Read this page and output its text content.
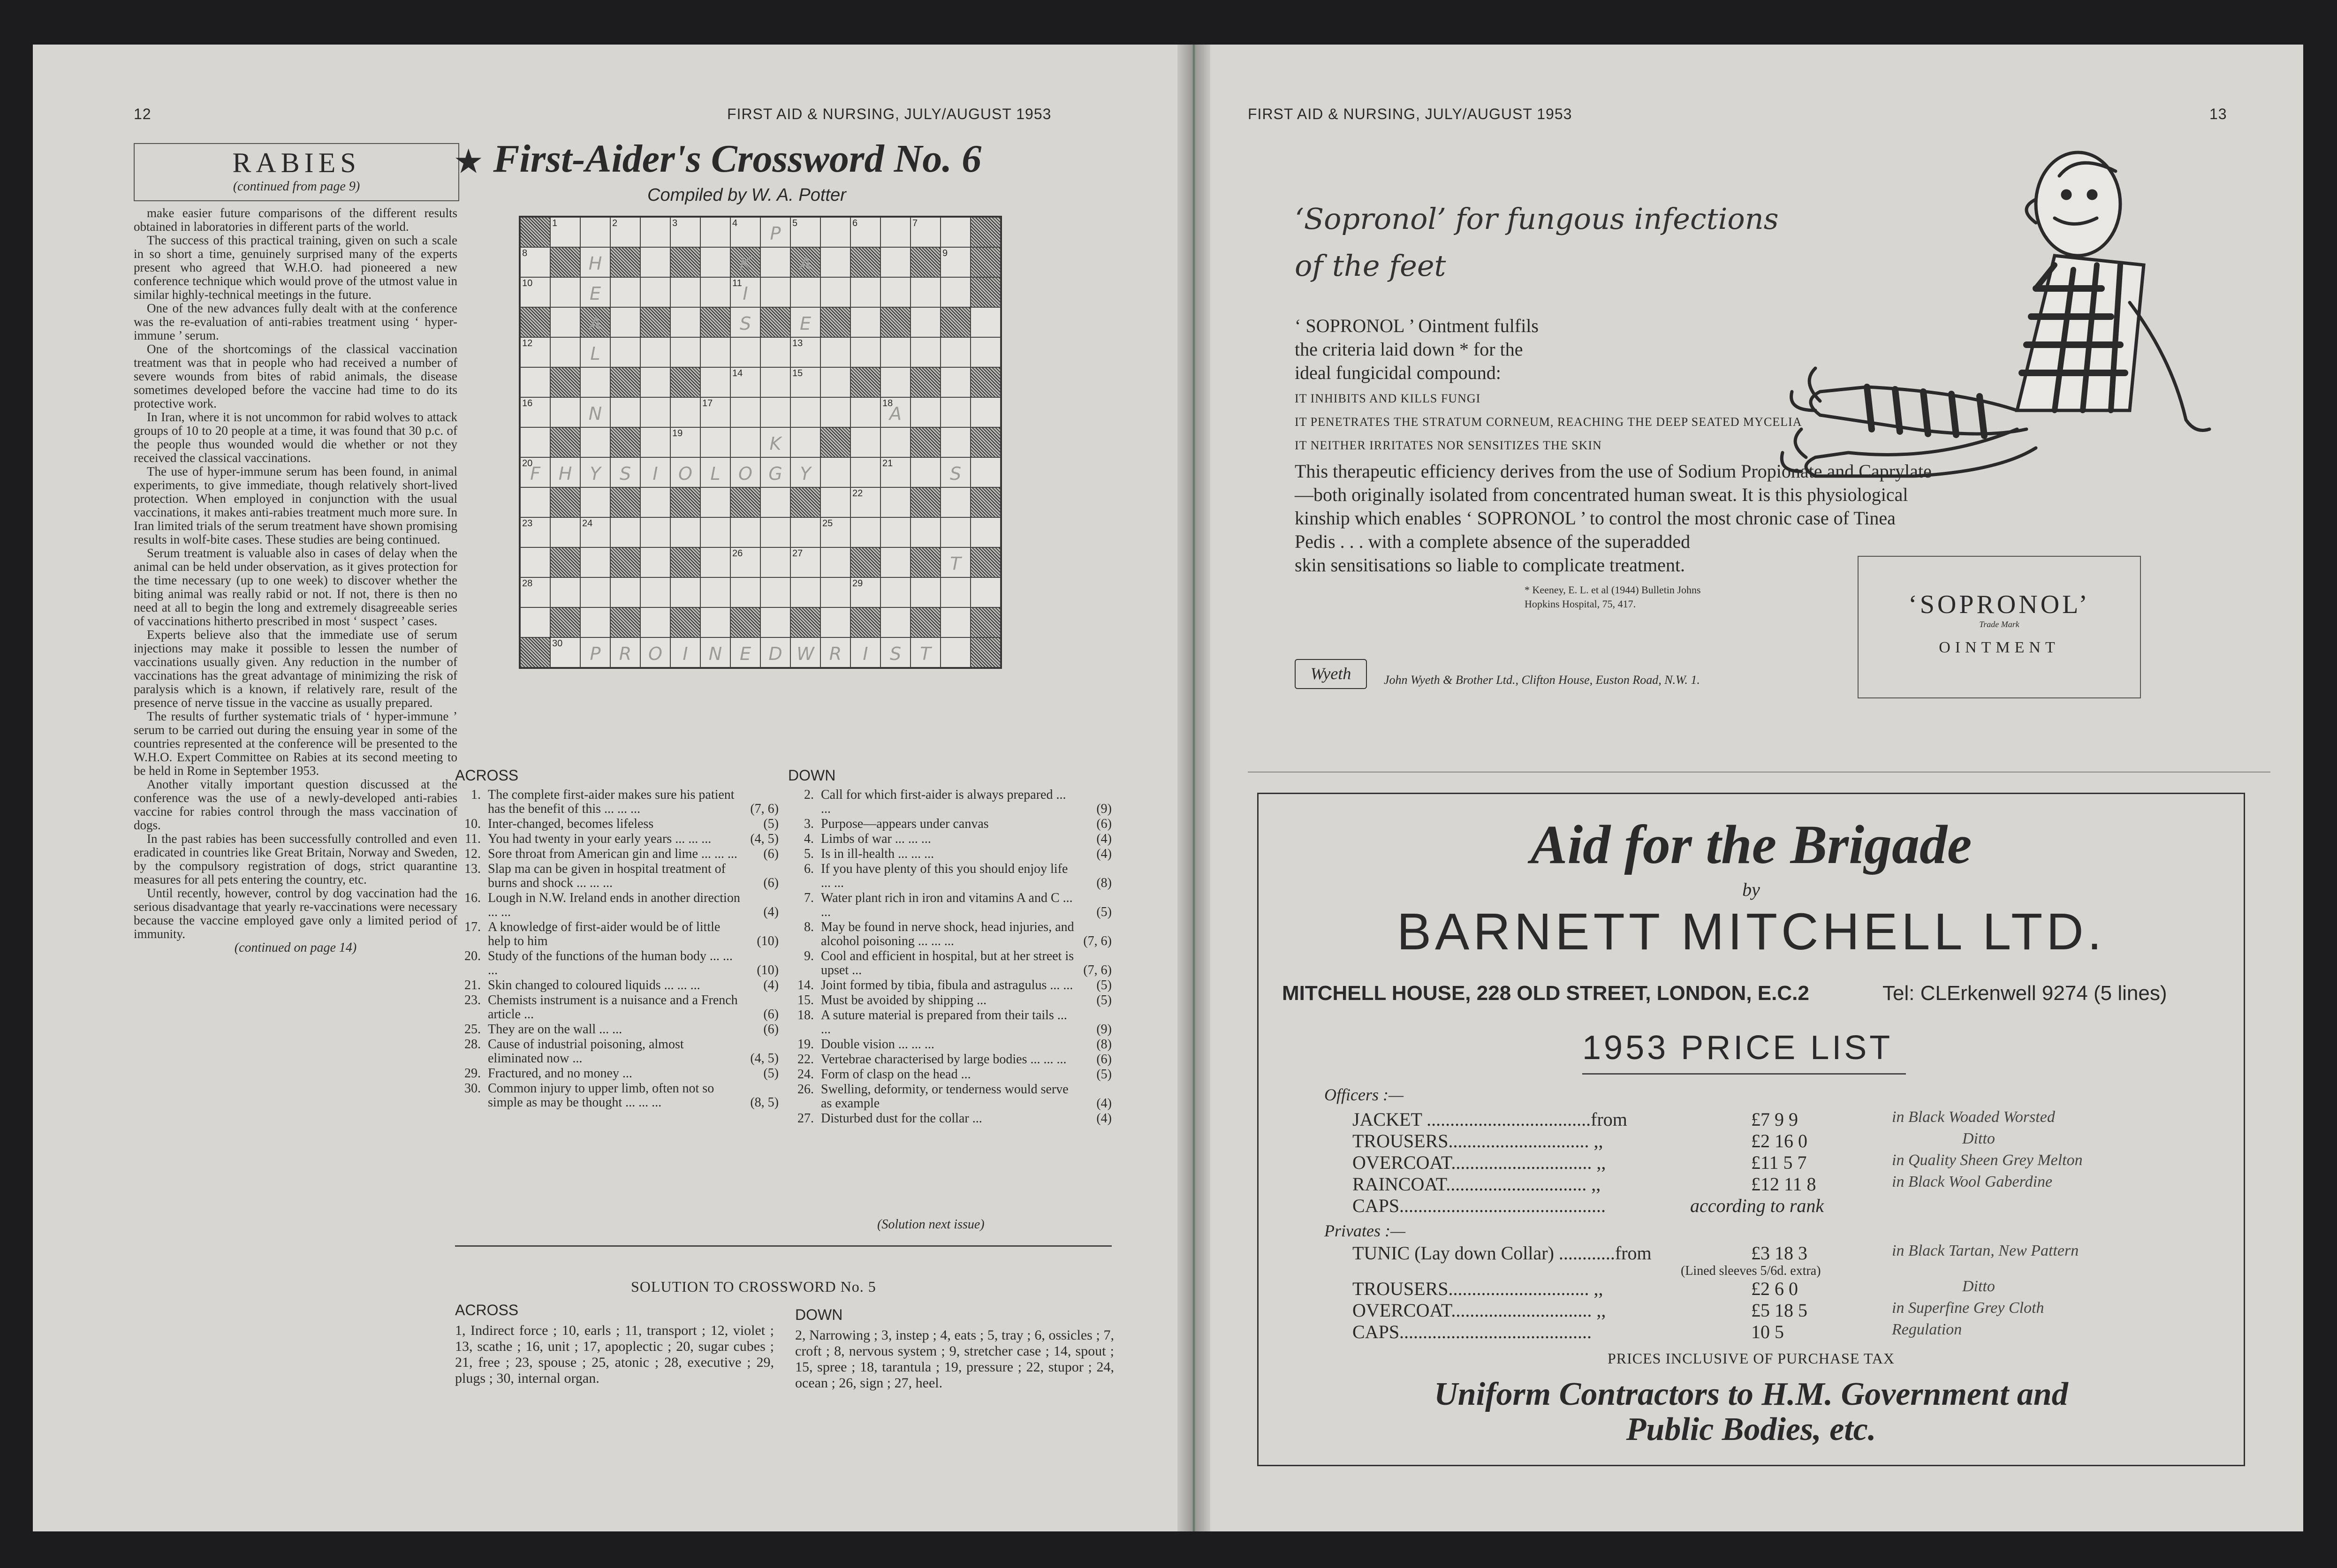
12	FIRST AID & NURSING, JULY/AUGUST 1953
RABIES
(continued from page 9)

make easier future comparisons of the different results obtained in laboratories in different parts of the world.

The success of this practical training, given on such a scale in so short a time, genuinely surprised many of the experts present who agreed that W.H.O. had pioneered a new conference technique which would prove of the utmost value in similar highly-technical meetings in the future.

One of the new advances fully dealt with at the conference was the re-evaluation of anti-rabies treatment using ‘ hyper-immune ’ serum.

One of the shortcomings of the classical vaccination treatment was that in people who had received a number of severe wounds from bites of rabid animals, the disease sometimes developed before the vaccine had time to do its protective work.

In Iran, where it is not uncommon for rabid wolves to attack groups of 10 to 20 people at a time, it was found that 30 p.c. of the people thus wounded would die whether or not they received the classical vaccinations.

The use of hyper-immune serum has been found, in animal experiments, to give immediate, though relatively short-lived protection. When employed in conjunction with the usual vaccinations, it makes anti-rabies treatment much more sure. In Iran limited trials of the serum treatment have shown promising results in wolf-bite cases. These studies are being continued.

Serum treatment is valuable also in cases of delay when the animal can be held under observation, as it gives protection for the time necessary (up to one week) to discover whether the biting animal was really rabid or not. If not, there is then no need at all to begin the long and extremely disagreeable series of vaccinations hitherto prescribed in most ‘ suspect ’ cases.

Experts believe also that the immediate use of serum injections may make it possible to lessen the number of vaccinations usually given. Any reduction in the number of vaccinations has the great advantage of minimizing the risk of paralysis which is a known, if relatively rare, result of the presence of nerve tissue in the vaccine as usually prepared.

The results of further systematic trials of ‘ hyper-immune ’ serum to be carried out during the ensuing year in some of the countries represented at the conference will be presented to the W.H.O. Expert Committee on Rabies at its second meeting to be held in Rome in September 1953.

Another vitally important question discussed at the conference was the use of a newly-developed anti-rabies vaccine for rabies control through the mass vaccination of dogs.

In the past rabies has been successfully controlled and even eradicated in countries like Great Britain, Norway and Sweden, by the compulsory registration of dogs, strict quarantine measures for all pets entering the country, etc.

Until recently, however, control by dog vaccination had the serious disadvantage that yearly re-vaccinations were necessary because the vaccine employed gave only a limited period of immunity.

(continued on page 14)
★ First-Aider's Crossword No. 6
Compiled by W. A. Potter
1	2	3	4	P	5	6	7
8	H	K	A	9
10	E	11 I
A	S	E
12	L	13
14	15
16	N	17	18
A
19	K
20
F	H	Y	S	I	O	L	O G Y	21	S
22
23	24	25
26	27	T
28	29
30	P	R O	I	N E D W R	I	S	T
ACROSS
1. The complete first-aider makes sure his patient has the benefit of this ... ... ...	(7, 6)
10. Inter-changed, becomes lifeless	(5)
11. You had twenty in your early years ... ... ...	(4, 5)
12. Sore throat from American gin and lime ... ... ... (6)
13. Slap ma can be given in hospital treatment of burns and shock ... ... ...	(6)
16. Lough in N.W. Ireland ends in another direction ... ...	(4)
17. A knowledge of first-aider would be of little help to him	(10)
20. Study of the functions of the human body ... ... ...	(10)
21. Skin changed to coloured liquids ... ... ...	(4)
23. Chemists instrument is a nuisance and a French article ...	(6)
25. They are on the wall ... ...	(6)
28. Cause of industrial poisoning, almost eliminated now ...	(4, 5)
29. Fractured, and no money ...	(5)
30. Common injury to upper limb, often not so simple as may be thought ... ... ...	(8, 5)
DOWN
2. Call for which first-aider is always prepared ... ...	(9)
3. Purpose—appears under canvas	(6)
4. Limbs of war ... ... ...	(4)
5. Is in ill-health ... ... ...	(4)
6. If you have plenty of this you should enjoy life ... ...	(8)
7. Water plant rich in iron and vitamins A and C ... ...	(5)
8. May be found in nerve shock, head injuries, and alcohol poisoning ... ... ...	(7, 6)
9. Cool and efficient in hospital, but at her street is upset ...	(7, 6)
14. Joint formed by tibia, fibula and astragulus ... ... (5)
15. Must be avoided by shipping ...	(5)
18. A suture material is prepared from their tails ... ...	(9)
19. Double vision ... ... ...	(8)
22. Vertebrae characterised by large bodies ... ... ... (6)
24. Form of clasp on the head ...	(5)
26. Swelling, deformity, or tenderness would serve as example	(4)
27. Disturbed dust for the collar ...	(4)
(Solution next issue)
SOLUTION TO CROSSWORD No. 5
ACROSS
1, Indirect force ; 10, earls ; 11, transport ; 12, violet ; 13, scathe ; 16, unit ; 17, apoplectic ; 20, sugar cubes ; 21, free ; 23, spouse ; 25, atonic ; 28, executive ; 29, plugs ; 30, internal organ.
DOWN
2, Narrowing ; 3, instep ; 4, eats ; 5, tray ; 6, ossicles ; 7, croft ; 8, nervous system ; 9, stretcher case ; 14, spout ; 15, spree ; 18, tarantula ; 19, pressure ; 22, stupor ; 24, ocean ; 26, sign ; 27, heel.
FIRST AID & NURSING, JULY/AUGUST 1953	13
‘Sopronol’ for fungous infections
of the feet
‘ SOPRONOL ’ Ointment fulfils
the criteria laid down * for the
ideal fungicidal compound:
IT INHIBITS AND KILLS FUNGI
IT PENETRATES THE STRATUM CORNEUM, REACHING THE DEEP SEATED MYCELIA
IT NEITHER IRRITATES NOR SENSITIZES THE SKIN
This therapeutic efficiency derives from the use of Sodium Propionate and Caprylate
—both originally isolated from concentrated human sweat. It is this physiological
kinship which enables ‘ SOPRONOL ’ to control the most chronic case of Tinea
Pedis . . . with a complete absence of the superadded
skin sensitisations so liable to complicate treatment.
* Keeney, E. L. et al (1944) Bulletin Johns
Hopkins Hospital, 75, 417.	‘SOPRONOL’
Trade Mark
OINTMENT
Wyeth	John Wyeth & Brother Ltd., Clifton House, Euston Road, N.W. 1.
Aid for the Brigade
by
BARNETT MITCHELL LTD.
MITCHELL HOUSE, 228 OLD STREET, LONDON, E.C.2	Tel: CLErkenwell 9274 (5 lines)
1953 PRICE LIST
Officers :—
JACKET ...................................from	£7 9 9	in Black Woaded Worsted
TROUSERS.............................. ,,	£2 16 0	Ditto
OVERCOAT.............................. ,,	£11 5 7	in Quality Sheen Grey Melton
RAINCOAT.............................. ,,	£12 11 8	in Black Wool Gaberdine
CAPS............................................	according to rank
Privates :—
TUNIC (Lay down Collar) ............from	£3 18 3	in Black Tartan, New Pattern
(Lined sleeves 5/6d. extra)
TROUSERS.............................. ,,	£2 6 0	Ditto
OVERCOAT.............................. ,,	£5 18 5	in Superfine Grey Cloth
CAPS.........................................	10 5	Regulation
PRICES INCLUSIVE OF PURCHASE TAX
Uniform Contractors to H.M. Government and
Public Bodies, etc.
